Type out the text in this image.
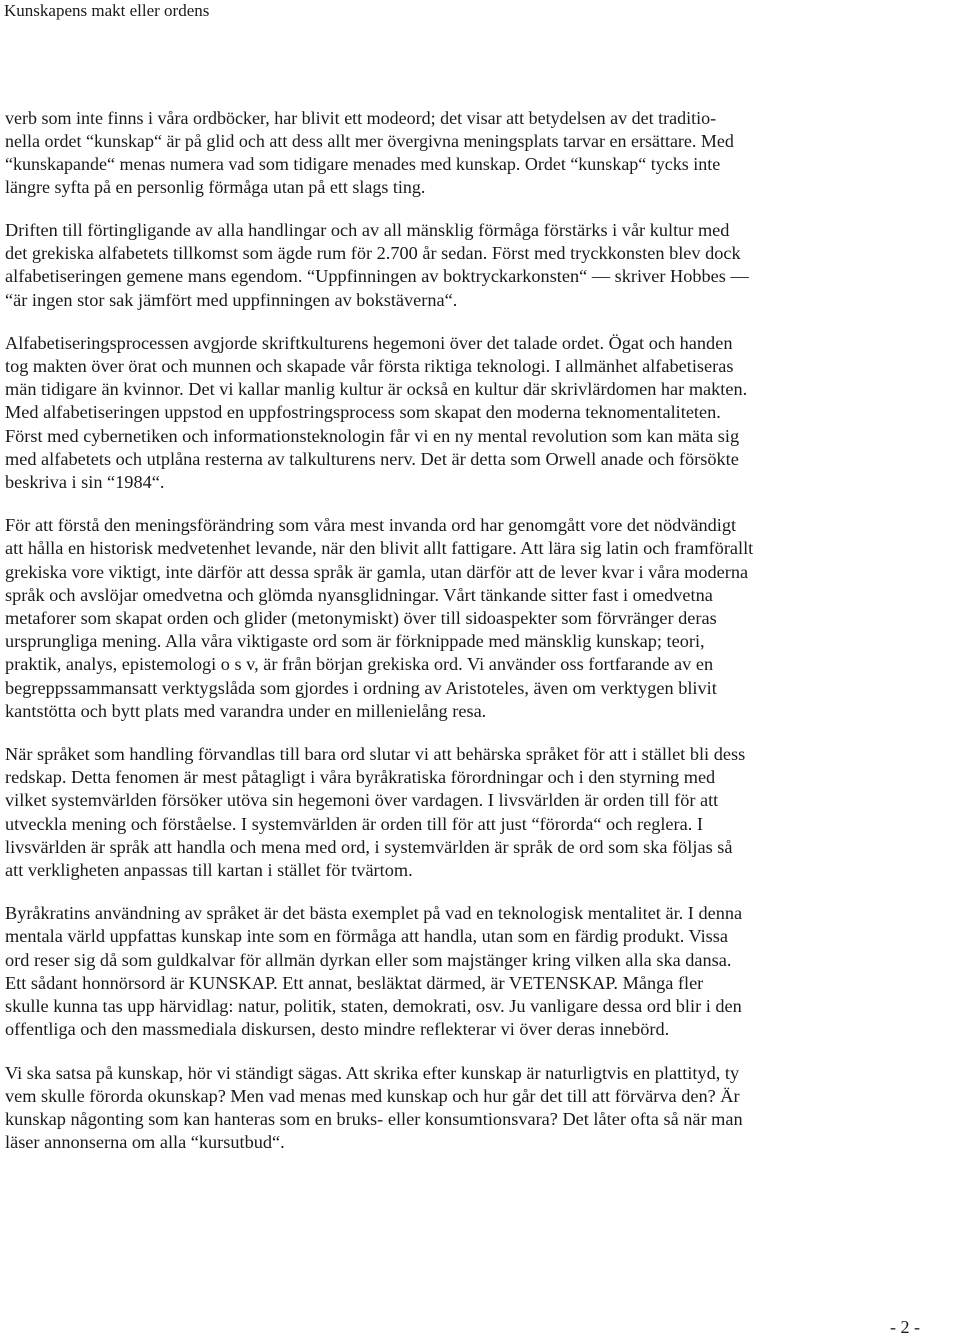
Kunskapens makt eller ordens

verb som inte finns i våra ordböcker, har blivit ett modeord; det visar att betydelsen av det traditio-
nella ordet “kunskap“ är på glid och att dess allt mer övergivna meningsplats tarvar en ersättare. Med
“kunskapande“ menas numera vad som tidigare menades med kunskap. Ordet “kunskap“ tycks inte
längre syfta på en personlig förmåga utan på ett slags ting.

Driften till förtingligande av alla handlingar och av all mänsklig förmåga förstärks i vår kultur med
det grekiska alfabetets tillkomst som ägde rum för 2.700 år sedan. Först med tryckkonsten blev dock
alfabetiseringen gemene mans egendom. “Uppfinningen av boktryckarkonsten“ — skriver Hobbes —
“är ingen stor sak jämfört med uppfinningen av bokstäverna“.

Alfabetiseringsprocessen avgjorde skriftkulturens hegemoni över det talade ordet. Ögat och handen
tog makten över örat och munnen och skapade vår första riktiga teknologi. I allmänhet alfabetiseras
män tidigare än kvinnor. Det vi kallar manlig kultur är också en kultur där skrivlärdomen har makten.
Med alfabetiseringen uppstod en uppfostringsprocess som skapat den moderna teknomentaliteten.
Först med cybernetiken och informationsteknologin får vi en ny mental revolution som kan mäta sig
med alfabetets och utplåna resterna av talkulturens nerv. Det är detta som Orwell anade och försökte
beskriva i sin “1984“.

För att förstå den meningsförändring som våra mest invanda ord har genomgått vore det nödvändigt
att hålla en historisk medvetenhet levande, när den blivit allt fattigare. Att lära sig latin och framförallt
grekiska vore viktigt, inte därför att dessa språk är gamla, utan därför att de lever kvar i våra moderna
språk och avslöjar omedvetna och glömda nyansglidningar. Vårt tänkande sitter fast i omedvetna
metaforer som skapat orden och glider (metonymiskt) över till sidoaspekter som förvränger deras
ursprungliga mening. Alla våra viktigaste ord som är förknippade med mänsklig kunskap; teori,
praktik, analys, epistemologi o s v, är från början grekiska ord. Vi använder oss fortfarande av en
begreppssammansatt verktygslåda som gjordes i ordning av Aristoteles, även om verktygen blivit
kantstötta och bytt plats med varandra under en millenielång resa.

När språket som handling förvandlas till bara ord slutar vi att behärska språket för att i stället bli dess
redskap. Detta fenomen är mest påtagligt i våra byråkratiska förordningar och i den styrning med
vilket systemvärlden försöker utöva sin hegemoni över vardagen. I livsvärlden är orden till för att
utveckla mening och förståelse. I systemvärlden är orden till för att just “förorda“ och reglera. I
livsvärlden är språk att handla och mena med ord, i systemvärlden är språk de ord som ska följas så
att verkligheten anpassas till kartan i stället för tvärtom.

Byråkratins användning av språket är det bästa exemplet på vad en teknologisk mentalitet är. I denna
mentala värld uppfattas kunskap inte som en förmåga att handla, utan som en färdig produkt. Vissa
ord reser sig då som guldkalvar för allmän dyrkan eller som majstänger kring vilken alla ska dansa.
Ett sådant honnörsord är KUNSKAP. Ett annat, besläktat därmed, är VETENSKAP. Många fler
skulle kunna tas upp härvidlag: natur, politik, staten, demokrati, osv. Ju vanligare dessa ord blir i den
offentliga och den massmediala diskursen, desto mindre reflekterar vi över deras innebörd.

Vi ska satsa på kunskap, hör vi ständigt sägas. Att skrika efter kunskap är naturligtvis en plattityd, ty
vem skulle förorda okunskap? Men vad menas med kunskap och hur går det till att förvärva den? Är
kunskap någonting som kan hanteras som en bruks- eller konsumtionsvara? Det låter ofta så när man
läser annonserna om alla “kursutbud“.

- 2 -
